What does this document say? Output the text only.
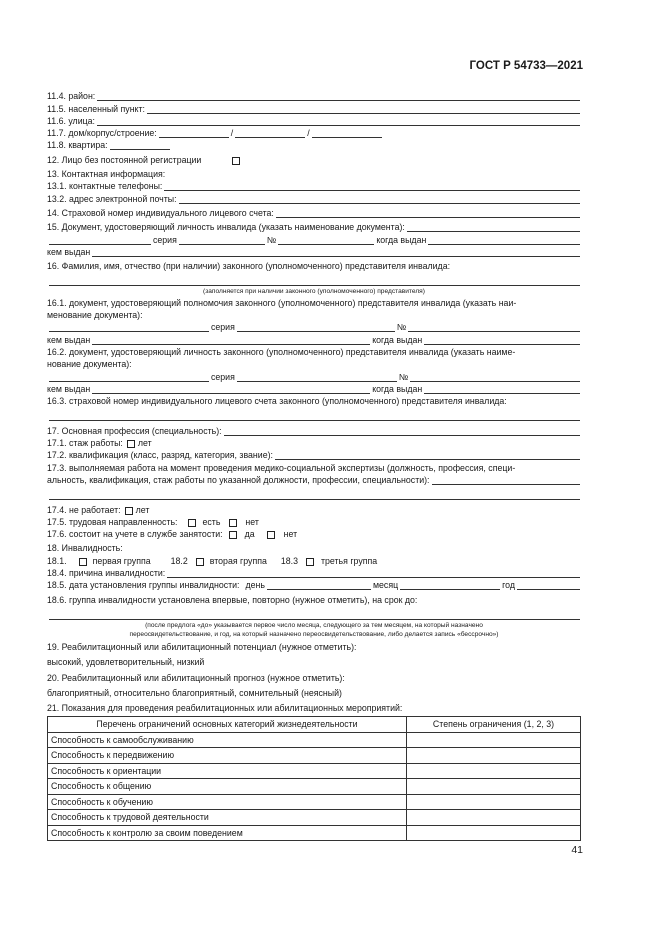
ГОСТ Р 54733—2021
11.4. район:
11.5. населенный пункт:
11.6. улица:
11.7. дом/корпус/строение:	/	/
11.8. квартира:
12. Лицо без постоянной регистрации
13. Контактная информация:
13.1. контактные телефоны:
13.2. адрес электронной почты:
14. Страховой номер индивидуального лицевого счета:
15. Документ, удостоверяющий личность инвалида (указать наименование документа):
серия	№	когда выдан
кем выдан
16. Фамилия, имя, отчество (при наличии) законного (уполномоченного) представителя инвалида:
(заполняется при наличии законного (уполномоченного) представителя)
16.1. документ, удостоверяющий полномочия законного (уполномоченного) представителя инвалида (указать наи-
менование документа):
серия	№
кем выдан	когда выдан
16.2. документ, удостоверяющий личность законного (уполномоченного) представителя инвалида (указать наиме-
нование документа):
серия	№
кем выдан	когда выдан
16.3. страховой номер индивидуального лицевого счета законного (уполномоченного) представителя инвалида:
17. Основная профессия (специальность):
17.1. стаж работы: лет
17.2. квалификация (класс, разряд, категория, звание):
17.3. выполняемая работа на момент проведения медико-социальной экспертизы (должность, профессия, специ-
альность, квалификация, стаж работы по указанной должности, профессии, специальности):
17.4. не работает: лет
17.5. трудовая направленность:	есть	нет
17.6. состоит на учете в службе занятости:	да	нет
18. Инвалидность:
18.1.	первая группа 18.2	вторая группа 18.3	третья группа
18.4. причина инвалидности:
18.5. дата установления группы инвалидности: день	месяц	год
18.6. группа инвалидности установлена впервые, повторно (нужное отметить), на срок до:
(после предлога «до» указывается первое число месяца, следующего за тем месяцем, на который назначено
переосвидетельствование, и год, на который назначено переосвидетельствование, либо делается запись «бессрочно»)
19. Реабилитационный или абилитационный потенциал (нужное отметить):
высокий, удовлетворительный, низкий
20. Реабилитационный или абилитационный прогноз (нужное отметить):
благоприятный, относительно благоприятный, сомнительный (неясный)
21. Показания для проведения реабилитационных или абилитационных мероприятий:
Перечень ограничений основных категорий жизнедеятельности	Степень ограничения (1, 2, 3)
Способность к самообслуживанию	
Способность к передвижению	
Способность к ориентации	
Способность к общению	
Способность к обучению	
Способность к трудовой деятельности	
Способность к контролю за своим поведением	
41
